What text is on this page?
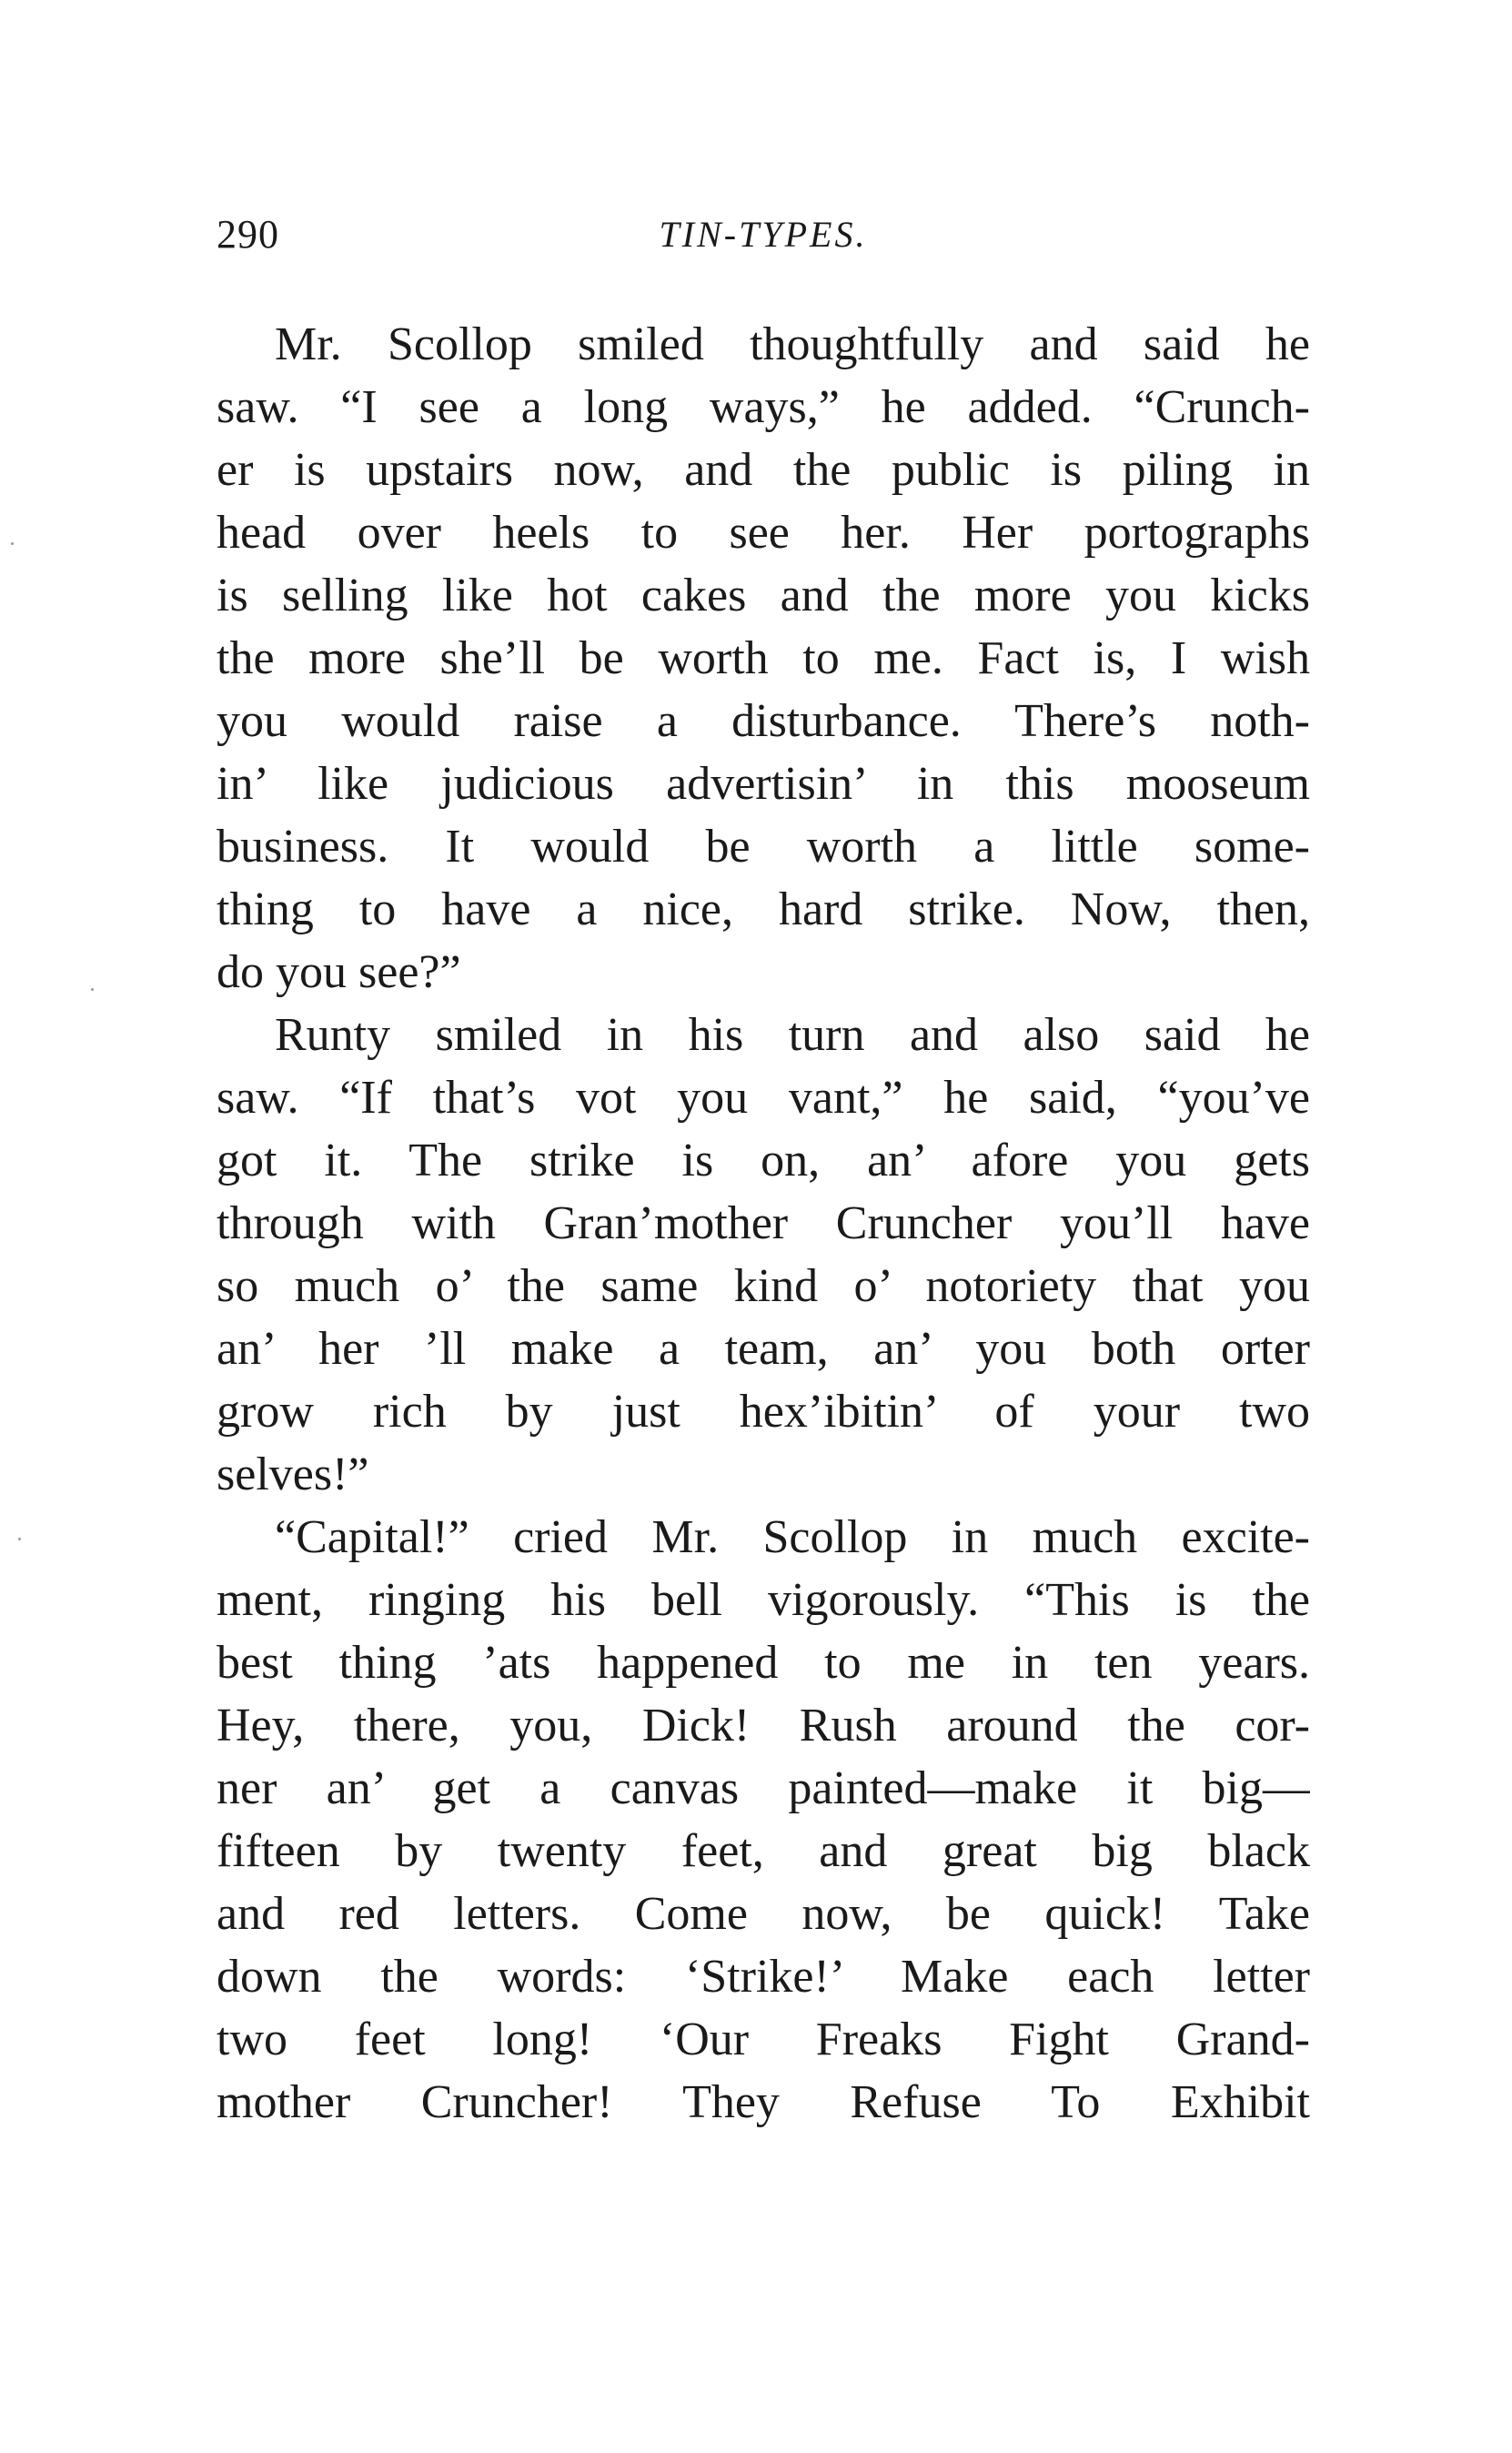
290	TIN-TYPES.
Mr. Scollop smiled thoughtfully and said he
saw. “I see a long ways,” he added. “Crunch-
er is upstairs now, and the public is piling in
head over heels to see her. Her portographs
is selling like hot cakes and the more you kicks
the more she’ll be worth to me. Fact is, I wish
you would raise a disturbance. There’s noth-
in’ like judicious advertisin’ in this mooseum
business. It would be worth a little some-
thing to have a nice, hard strike. Now, then,
do you see?”
Runty smiled in his turn and also said he
saw. “If that’s vot you vant,” he said, “you’ve
got it. The strike is on, an’ afore you gets
through with Gran’mother Cruncher you’ll have
so much o’ the same kind o’ notoriety that you
an’ her ’ll make a team, an’ you both orter
grow rich by just hex’ibitin’ of your two
selves!”
“Capital!” cried Mr. Scollop in much excite-
ment, ringing his bell vigorously. “This is the
best thing ’ats happened to me in ten years.
Hey, there, you, Dick! Rush around the cor-
ner an’ get a canvas painted—make it big—
fifteen by twenty feet, and great big black
and red letters. Come now, be quick! Take
down the words: ‘Strike!’ Make each letter
two feet long! ‘Our Freaks Fight Grand-
mother Cruncher! They Refuse To Exhibit
